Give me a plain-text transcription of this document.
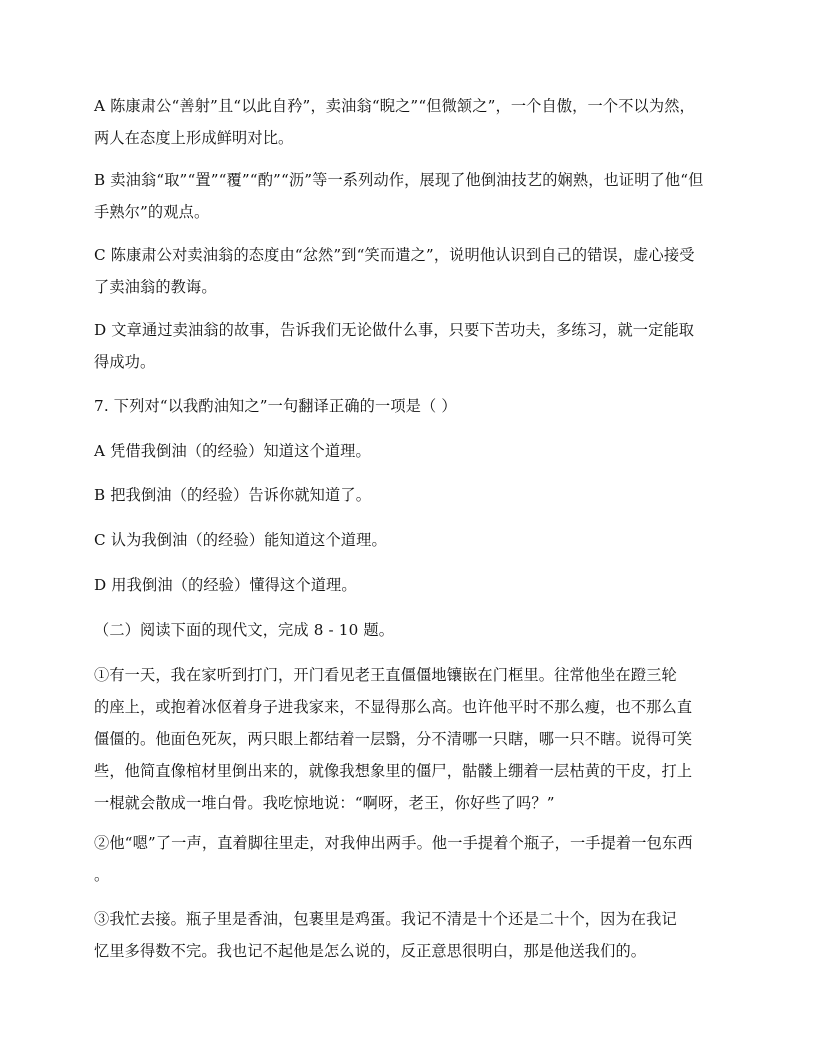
A 陈康肃公“善射”且“以此自矜”，卖油翁“睨之”“但微颔之”，一个自傲，一个不以为然，
两人在态度上形成鲜明对比。
B 卖油翁“取”“置”“覆”“酌”“沥”等一系列动作，展现了他倒油技艺的娴熟，也证明了他“但
手熟尔”的观点。
C 陈康肃公对卖油翁的态度由“忿然”到“笑而遣之”，说明他认识到自己的错误，虚心接受
了卖油翁的教诲。
D 文章通过卖油翁的故事，告诉我们无论做什么事，只要下苦功夫，多练习，就一定能取
得成功。
7. 下列对“以我酌油知之”一句翻译正确的一项是（ ）
A 凭借我倒油（的经验）知道这个道理。
B 把我倒油（的经验）告诉你就知道了。
C 认为我倒油（的经验）能知道这个道理。
D 用我倒油（的经验）懂得这个道理。
（二）阅读下面的现代文，完成 8 - 10 题。
①有一天，我在家听到打门，开门看见老王直僵僵地镶嵌在门框里。往常他坐在蹬三轮
的座上，或抱着冰伛着身子进我家来，不显得那么高。也许他平时不那么瘦，也不那么直
僵僵的。他面色死灰，两只眼上都结着一层翳，分不清哪一只瞎，哪一只不瞎。说得可笑
些，他简直像棺材里倒出来的，就像我想象里的僵尸，骷髅上绷着一层枯黄的干皮，打上
一棍就会散成一堆白骨。我吃惊地说：“啊呀，老王，你好些了吗？”
②他“嗯”了一声，直着脚往里走，对我伸出两手。他一手提着个瓶子，一手提着一包东西
。
③我忙去接。瓶子里是香油，包裹里是鸡蛋。我记不清是十个还是二十个，因为在我记
忆里多得数不完。我也记不起他是怎么说的，反正意思很明白，那是他送我们的。
